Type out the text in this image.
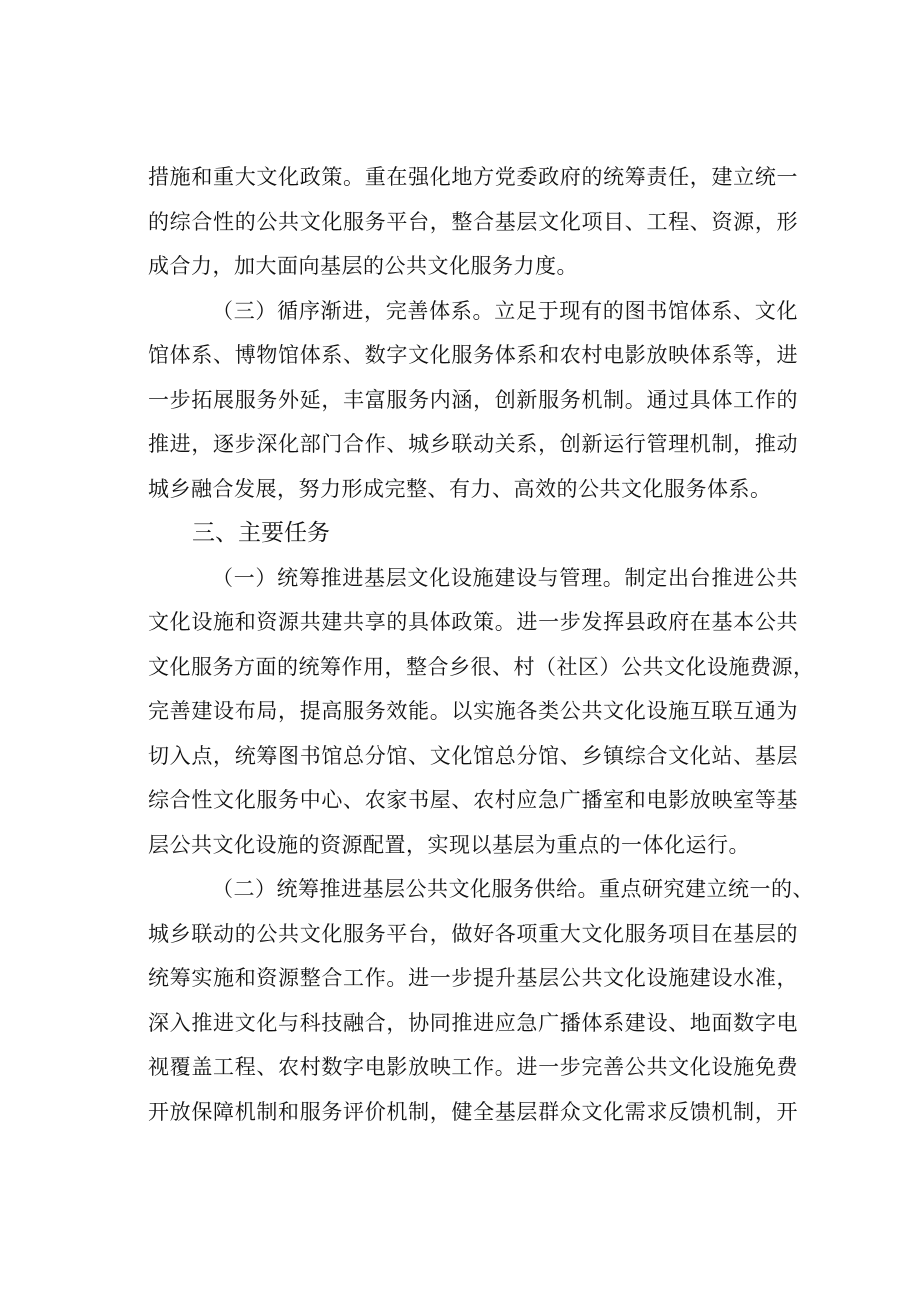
措施和重大文化政策。重在强化地方党委政府的统筹责任，建立统一
的综合性的公共文化服务平台，整合基层文化项目、工程、资源，形
成合力，加大面向基层的公共文化服务力度。
（三）循序渐进，完善体系。立足于现有的图书馆体系、文化
馆体系、博物馆体系、数字文化服务体系和农村电影放映体系等，进
一步拓展服务外延，丰富服务内涵，创新服务机制。通过具体工作的
推进，逐步深化部门合作、城乡联动关系，创新运行管理机制，推动
城乡融合发展，努力形成完整、有力、高效的公共文化服务体系。
三、主要任务
（一）统筹推进基层文化设施建设与管理。制定出台推进公共
文化设施和资源共建共享的具体政策。进一步发挥县政府在基本公共
文化服务方面的统筹作用，整合乡很、村（社区）公共文化设施费源，
完善建设布局，提高服务效能。以实施各类公共文化设施互联互通为
切入点，统筹图书馆总分馆、文化馆总分馆、乡镇综合文化站、基层
综合性文化服务中心、农家书屋、农村应急广播室和电影放映室等基
层公共文化设施的资源配置，实现以基层为重点的一体化运行。
（二）统筹推进基层公共文化服务供给。重点研究建立统一的、
城乡联动的公共文化服务平台，做好各项重大文化服务项目在基层的
统筹实施和资源整合工作。进一步提升基层公共文化设施建设水准，
深入推进文化与科技融合，协同推进应急广播体系建设、地面数字电
视覆盖工程、农村数字电影放映工作。进一步完善公共文化设施免费
开放保障机制和服务评价机制，健全基层群众文化需求反馈机制，开
